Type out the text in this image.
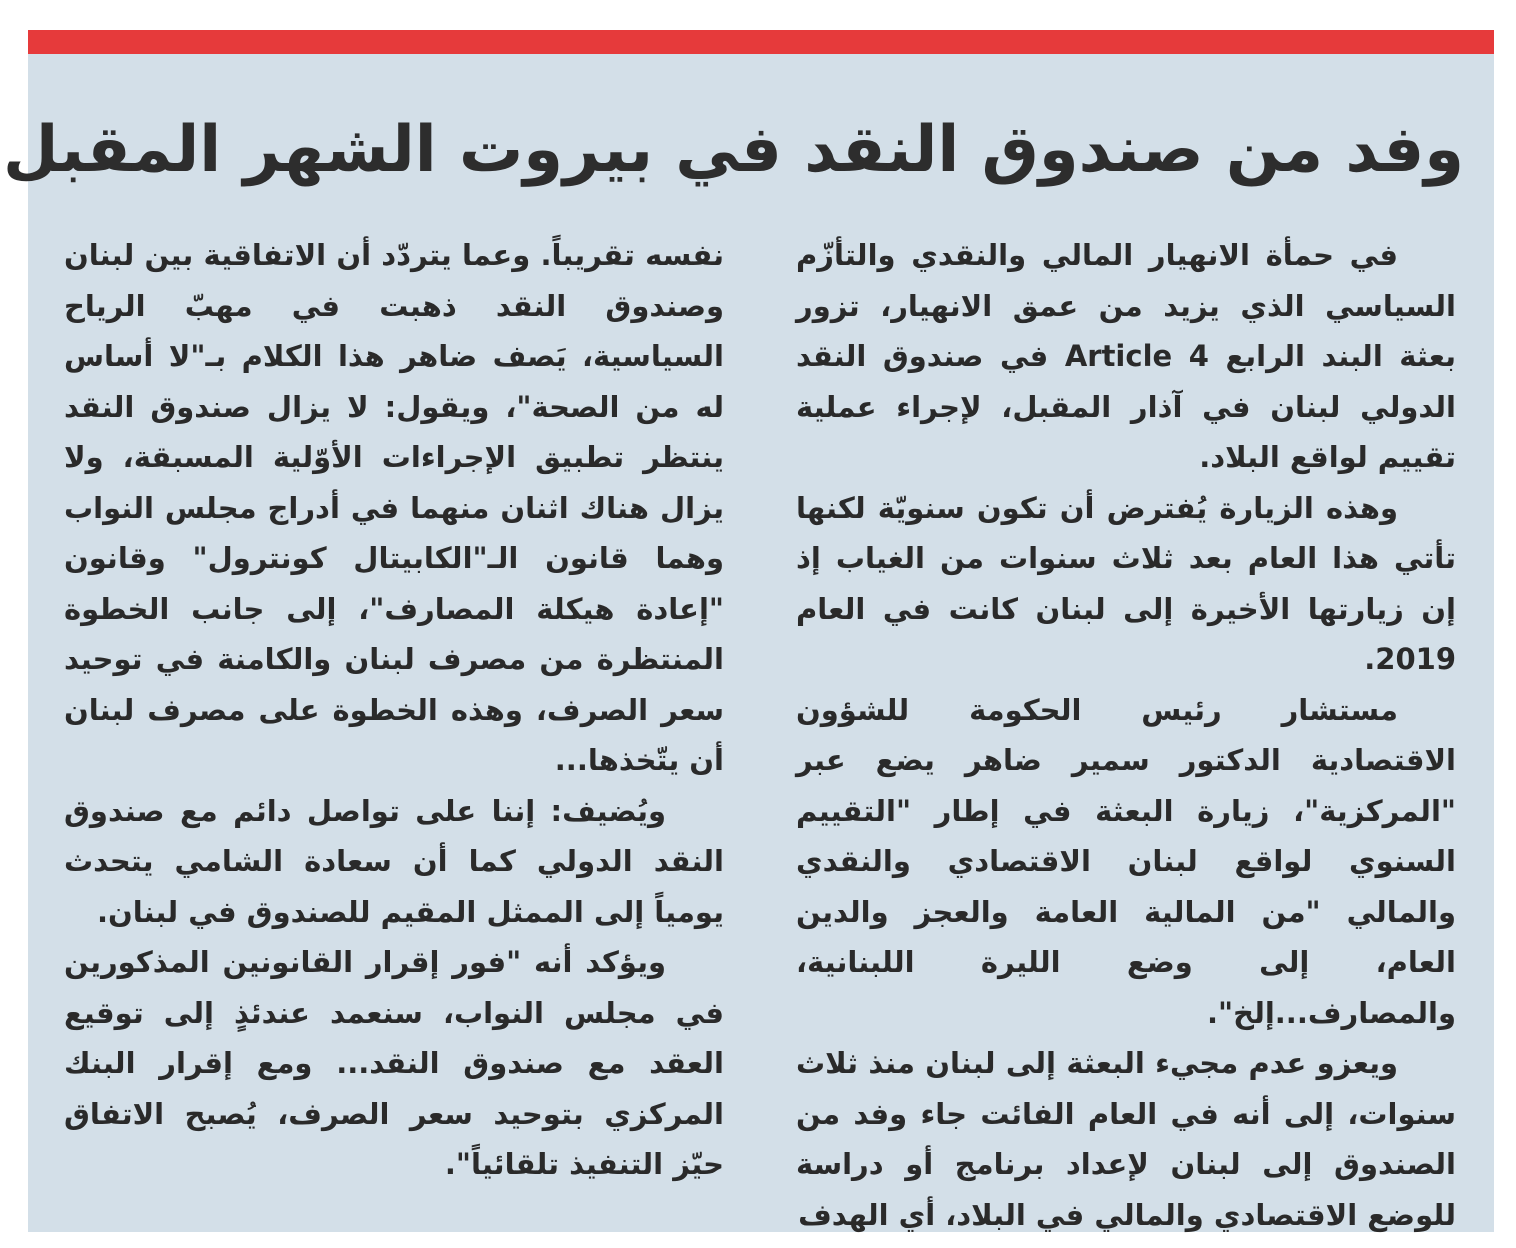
وفد من صندوق النقد في بيروت الشهر المقبل

في حمأة الانهيار المالي والنقدي والتأزّم السياسي الذي يزيد من عمق الانهيار، تزور بعثة البند الرابع Article 4 في صندوق النقد الدولي لبنان في آذار المقبل، لإجراء عملية تقييم لواقع البلاد.

وهذه الزيارة يُفترض أن تكون سنويّة لكنها تأتي هذا العام بعد ثلاث سنوات من الغياب إذ إن زيارتها الأخيرة إلى لبنان كانت في العام 2019.

مستشار رئيس الحكومة للشؤون الاقتصادية الدكتور سمير ضاهر يضع عبر "المركزية"، زيارة البعثة في إطار "التقييم السنوي لواقع لبنان الاقتصادي والنقدي والمالي "من المالية العامة والعجز والدين العام، إلى وضع الليرة اللبنانية، والمصارف...إلخ".

ويعزو عدم مجيء البعثة إلى لبنان منذ ثلاث سنوات، إلى أنه في العام الفائت جاء وفد من الصندوق إلى لبنان لإعداد برنامج أو دراسة للوضع الاقتصادي والمالي في البلاد، أي الهدف

نفسه تقريباً. وعما يتردّد أن الاتفاقية بين لبنان وصندوق النقد ذهبت في مهبّ الرياح السياسية، يَصف ضاهر هذا الكلام بـ"لا أساس له من الصحة"، ويقول: لا يزال صندوق النقد ينتظر تطبيق الإجراءات الأوّلية المسبقة، ولا يزال هناك اثنان منهما في أدراج مجلس النواب وهما قانون الـ"الكابيتال كونترول" وقانون "إعادة هيكلة المصارف"، إلى جانب الخطوة المنتظرة من مصرف لبنان والكامنة في توحيد سعر الصرف، وهذه الخطوة على مصرف لبنان أن يتّخذها...

ويُضيف: إننا على تواصل دائم مع صندوق النقد الدولي كما أن سعادة الشامي يتحدث يومياً إلى الممثل المقيم للصندوق في لبنان.

ويؤكد أنه "فور إقرار القانونين المذكورين في مجلس النواب، سنعمد عندئذٍ إلى توقيع العقد مع صندوق النقد... ومع إقرار البنك المركزي بتوحيد سعر الصرف، يُصبح الاتفاق حيّز التنفيذ تلقائياً".
